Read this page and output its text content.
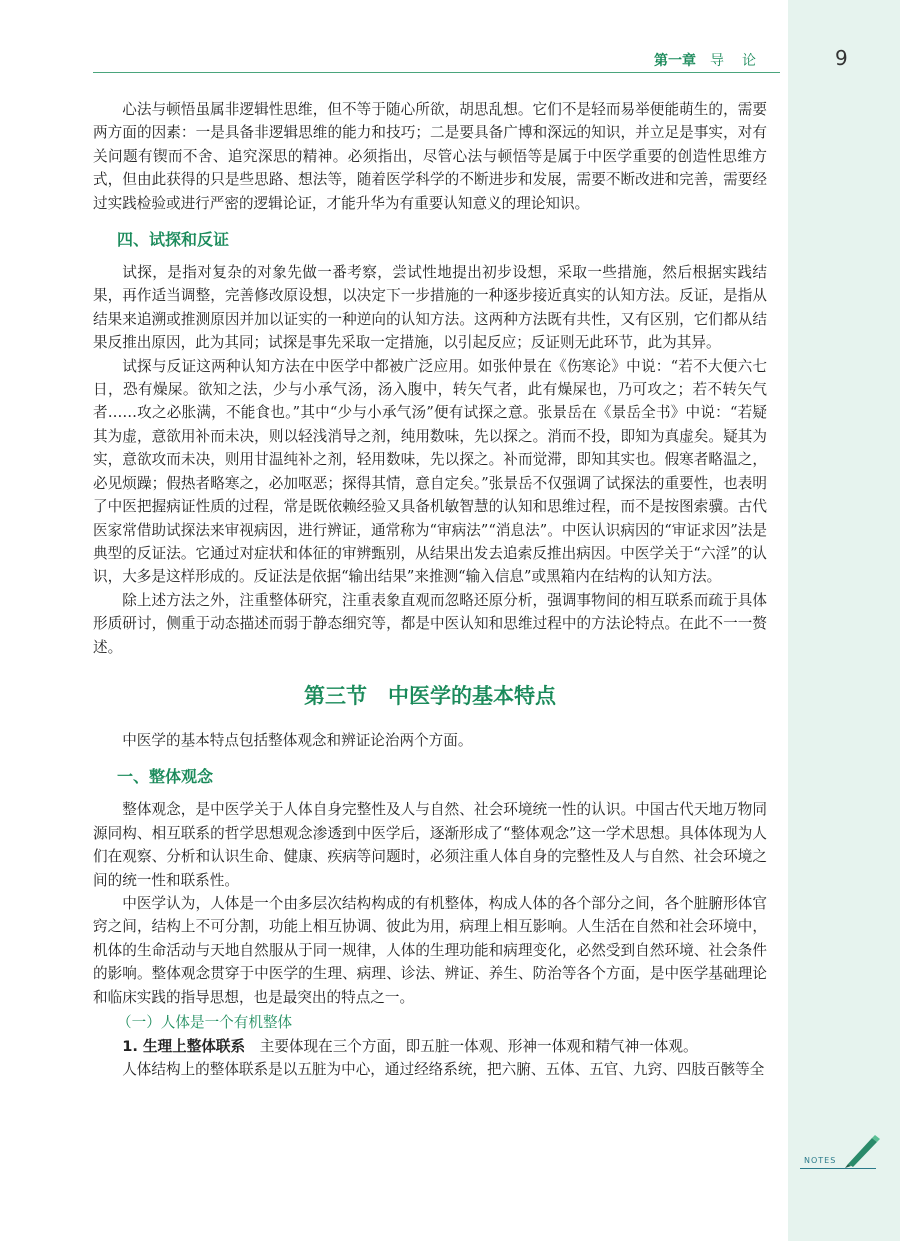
第一章 导论	9

心法与顿悟虽属非逻辑性思维，但不等于随心所欲，胡思乱想。它们不是轻而易举便能萌生的，需要两方面的因素：一是具备非逻辑思维的能力和技巧；二是要具备广博和深远的知识，并立足是事实，对有关问题有锲而不舍、追究深思的精神。必须指出，尽管心法与顿悟等是属于中医学重要的创造性思维方式，但由此获得的只是些思路、想法等，随着医学科学的不断进步和发展，需要不断改进和完善，需要经过实践检验或进行严密的逻辑论证，才能升华为有重要认知意义的理论知识。

四、试探和反证

试探，是指对复杂的对象先做一番考察，尝试性地提出初步设想，采取一些措施，然后根据实践结果，再作适当调整，完善修改原设想，以决定下一步措施的一种逐步接近真实的认知方法。反证，是指从结果来追溯或推测原因并加以证实的一种逆向的认知方法。这两种方法既有共性，又有区别，它们都从结果反推出原因，此为其同；试探是事先采取一定措施，以引起反应；反证则无此环节，此为其异。

试探与反证这两种认知方法在中医学中都被广泛应用。如张仲景在《伤寒论》中说：“若不大便六七日，恐有燥屎。欲知之法，少与小承气汤，汤入腹中，转矢气者，此有燥屎也，乃可攻之；若不转矢气者……攻之必胀满，不能食也。”其中“少与小承气汤”便有试探之意。张景岳在《景岳全书》中说：“若疑其为虚，意欲用补而未决，则以轻浅消导之剂，纯用数味，先以探之。消而不投，即知为真虚矣。疑其为实，意欲攻而未决，则用甘温纯补之剂，轻用数味，先以探之。补而觉滞，即知其实也。假寒者略温之，必见烦躁；假热者略寒之，必加呕恶；探得其情，意自定矣。”张景岳不仅强调了试探法的重要性，也表明了中医把握病证性质的过程，常是既依赖经验又具备机敏智慧的认知和思维过程，而不是按图索骥。古代医家常借助试探法来审视病因，进行辨证，通常称为“审病法”“消息法”。中医认识病因的“审证求因”法是典型的反证法。它通过对症状和体征的审辨甄别，从结果出发去追索反推出病因。中医学关于“六淫”的认识，大多是这样形成的。反证法是依据“输出结果”来推测“输入信息”或黑箱内在结构的认知方法。

除上述方法之外，注重整体研究，注重表象直观而忽略还原分析，强调事物间的相互联系而疏于具体形质研讨，侧重于动态描述而弱于静态细究等，都是中医认知和思维过程中的方法论特点。在此不一一赘述。

第三节　中医学的基本特点

中医学的基本特点包括整体观念和辨证论治两个方面。

一、整体观念

整体观念，是中医学关于人体自身完整性及人与自然、社会环境统一性的认识。中国古代天地万物同源同构、相互联系的哲学思想观念渗透到中医学后，逐渐形成了“整体观念”这一学术思想。具体体现为人们在观察、分析和认识生命、健康、疾病等问题时，必须注重人体自身的完整性及人与自然、社会环境之间的统一性和联系性。

中医学认为，人体是一个由多层次结构构成的有机整体，构成人体的各个部分之间，各个脏腑形体官窍之间，结构上不可分割，功能上相互协调、彼此为用，病理上相互影响。人生活在自然和社会环境中，机体的生命活动与天地自然服从于同一规律，人体的生理功能和病理变化，必然受到自然环境、社会条件的影响。整体观念贯穿于中医学的生理、病理、诊法、辨证、养生、防治等各个方面，是中医学基础理论和临床实践的指导思想，也是最突出的特点之一。

（一）人体是一个有机整体

1. 生理上整体联系　 主要体现在三个方面，即五脏一体观、形神一体观和精气神一体观。

人体结构上的整体联系是以五脏为中心，通过经络系统，把六腑、五体、五官、九窍、四肢百骸等全

NOTES
